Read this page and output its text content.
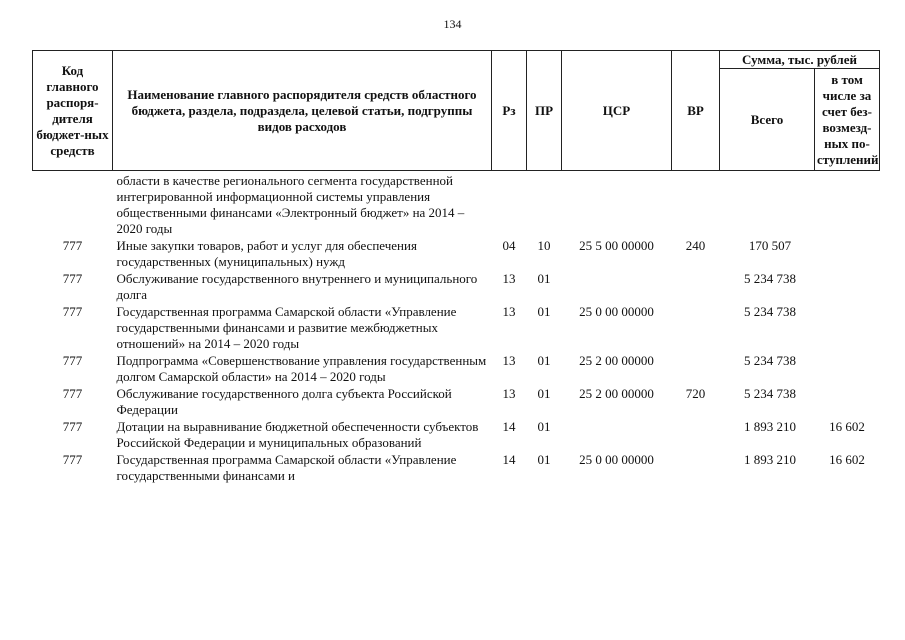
134
Код главного распоря-дителя бюджет-ных средств	Наименование главного распорядителя средств областного бюджета, раздела, подраздела, целевой статьи, подгруппы видов расходов	Рз	ПР	ЦСР	ВР	Сумма, тыс. рублей	
						Всего	в том числе за счет без-возмезд-ных по-ступлений
	области в качестве регионального сегмента государственной интегрированной информационной системы управления общественными финансами «Электронный бюджет» на 2014 – 2020 годы						
777	Иные закупки товаров, работ и услуг для обеспечения государственных (муниципальных) нужд	04	10	25 5 00 00000	240	170 507	
777	Обслуживание государственного внутреннего и муниципального долга	13	01			5 234 738	
777	Государственная программа Самарской области «Управление государственными финансами и развитие межбюджетных отношений» на 2014 – 2020 годы	13	01	25 0 00 00000		5 234 738	
777	Подпрограмма «Совершенствование управления государственным долгом Самарской области» на 2014 – 2020 годы	13	01	25 2 00 00000		5 234 738	
777	Обслуживание государственного долга субъекта Российской Федерации	13	01	25 2 00 00000	720	5 234 738	
777	Дотации на выравнивание бюджетной обеспеченности субъектов Российской Федерации и муниципальных образований	14	01			1 893 210	16 602
777	Государственная программа Самарской области «Управление государственными финансами и	14	01	25 0 00 00000		1 893 210	16 602
